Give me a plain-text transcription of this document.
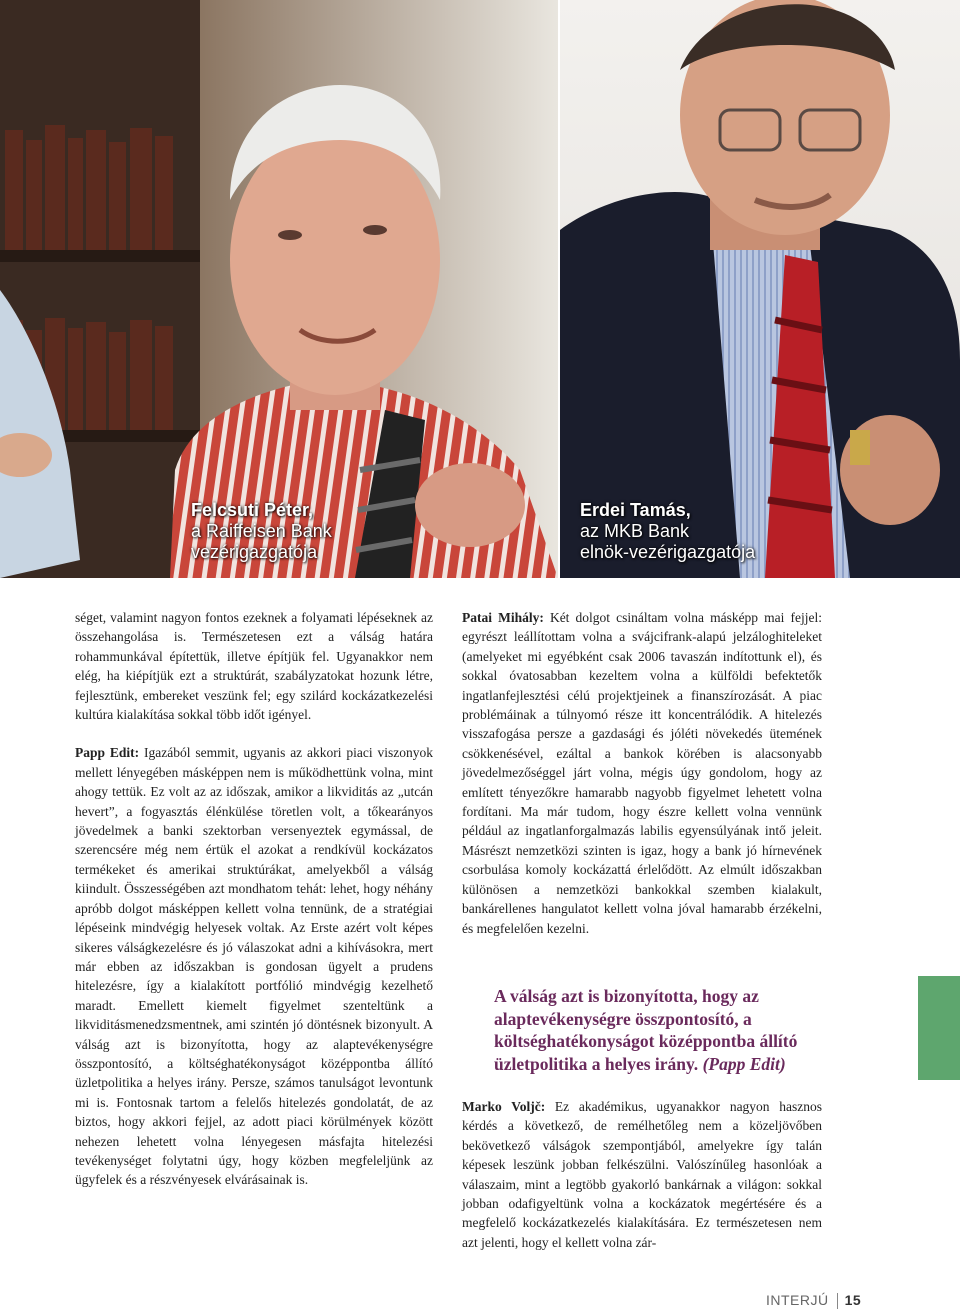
Felcsuti Péter,
a Raiffeisen Bank
vezérigazgatója
Erdei Tamás,
az MKB Bank
elnök-vezérigazgatója

séget, valamint nagyon fontos ezeknek a folyamati lépéseknek az összehangolása is. Természetesen ezt a válság határa rohammunkával építettük, illetve építjük fel. Ugyanakkor nem elég, ha kiépítjük ezt a struktúrát, szabályzatokat hozunk létre, fejlesztünk, embereket veszünk fel; egy szilárd kockázatkezelési kultúra kialakítása sokkal több időt igényel.

Papp Edit: Igazából semmit, ugyanis az akkori piaci viszonyok mellett lényegében másképpen nem is működhettünk volna, mint ahogy tettük. Ez volt az az időszak, amikor a likviditás az „utcán hevert”, a fogyasztás élénkülése töretlen volt, a tőkearányos jövedelmek a banki szektorban versenyeztek egymással, de szerencsére még nem értük el azokat a rendkívül kockázatos termékeket és amerikai struktúrákat, amelyekből a válság kiindult. Összességében azt mondhatom tehát: lehet, hogy néhány apróbb dolgot másképpen kellett volna tennünk, de a stratégiai lépéseink mindvégig helyesek voltak. Az Erste azért volt képes sikeres válságkezelésre és jó válaszokat adni a kihívásokra, mert már ebben az időszakban is gondosan ügyelt a prudens hitelezésre, így a kialakított portfólió mindvégig kezelhető maradt. Emellett kiemelt figyelmet szenteltünk a likviditásmenedzsmentnek, ami szintén jó döntésnek bizonyult. A válság azt is bizonyította, hogy az alaptevékenységre összpontosító, a költséghatékonyságot középpontba állító üzletpolitika a helyes irány. Persze, számos tanulságot levontunk mi is. Fontosnak tartom a felelős hitelezés gondolatát, de az biztos, hogy akkori fejjel, az adott piaci körülmények között nehezen lehetett volna lényegesen másfajta hitelezési tevékenységet folytatni úgy, hogy közben megfeleljünk az ügyfelek és a részvényesek elvárásainak is.

Patai Mihály: Két dolgot csináltam volna másképp mai fejjel: egyrészt leállítottam volna a svájcifrank-alapú jelzáloghiteleket (amelyeket mi egyébként csak 2006 tavaszán indítottunk el), és sokkal óvatosabban kezeltem volna a külföldi befektetők ingatlanfejlesztési célú projektjeinek a finanszírozását. A piac problémáinak a túlnyomó része itt koncentrálódik. A hitelezés visszafogása persze a gazdasági és jóléti növekedés ütemének csökkenésével, ezáltal a bankok körében is alacsonyabb jövedelmezőséggel járt volna, mégis úgy gondolom, hogy az említett tényezőkre hamarabb nagyobb figyelmet lehetett volna fordítani. Ma már tudom, hogy észre kellett volna vennünk például az ingatlanforgalmazás labilis egyensúlyának intő jeleit. Másrészt nemzetközi szinten is igaz, hogy a bank jó hírnevének csorbulása komoly kockázattá érlelődött. Az elmúlt időszakban különösen a nemzetközi bankokkal szemben kialakult, bankárellenes hangulatot kellett volna jóval hamarabb érzékelni, és megfelelően kezelni.

Marko Voljč: Ez akadémikus, ugyanakkor nagyon hasznos kérdés a következő, de remélhetőleg nem a közeljövőben bekövetkező válságok szempontjából, amelyekre így talán képesek leszünk jobban felkészülni. Valószínűleg hasonlóak a válaszaim, mint a legtöbb gyakorló bankárnak a világon: sokkal jobban odafigyeltünk volna a kockázatok megértésére és a megfelelő kockázatkezelés kialakítására. Ez természetesen nem azt jelenti, hogy el kellett volna zár-

A válság azt is bizonyította, hogy az alaptevékenységre összpontosító, a költséghatékonyságot középpontba állító üzletpolitika a helyes irány. (Papp Edit)
INTERJÚ 15
